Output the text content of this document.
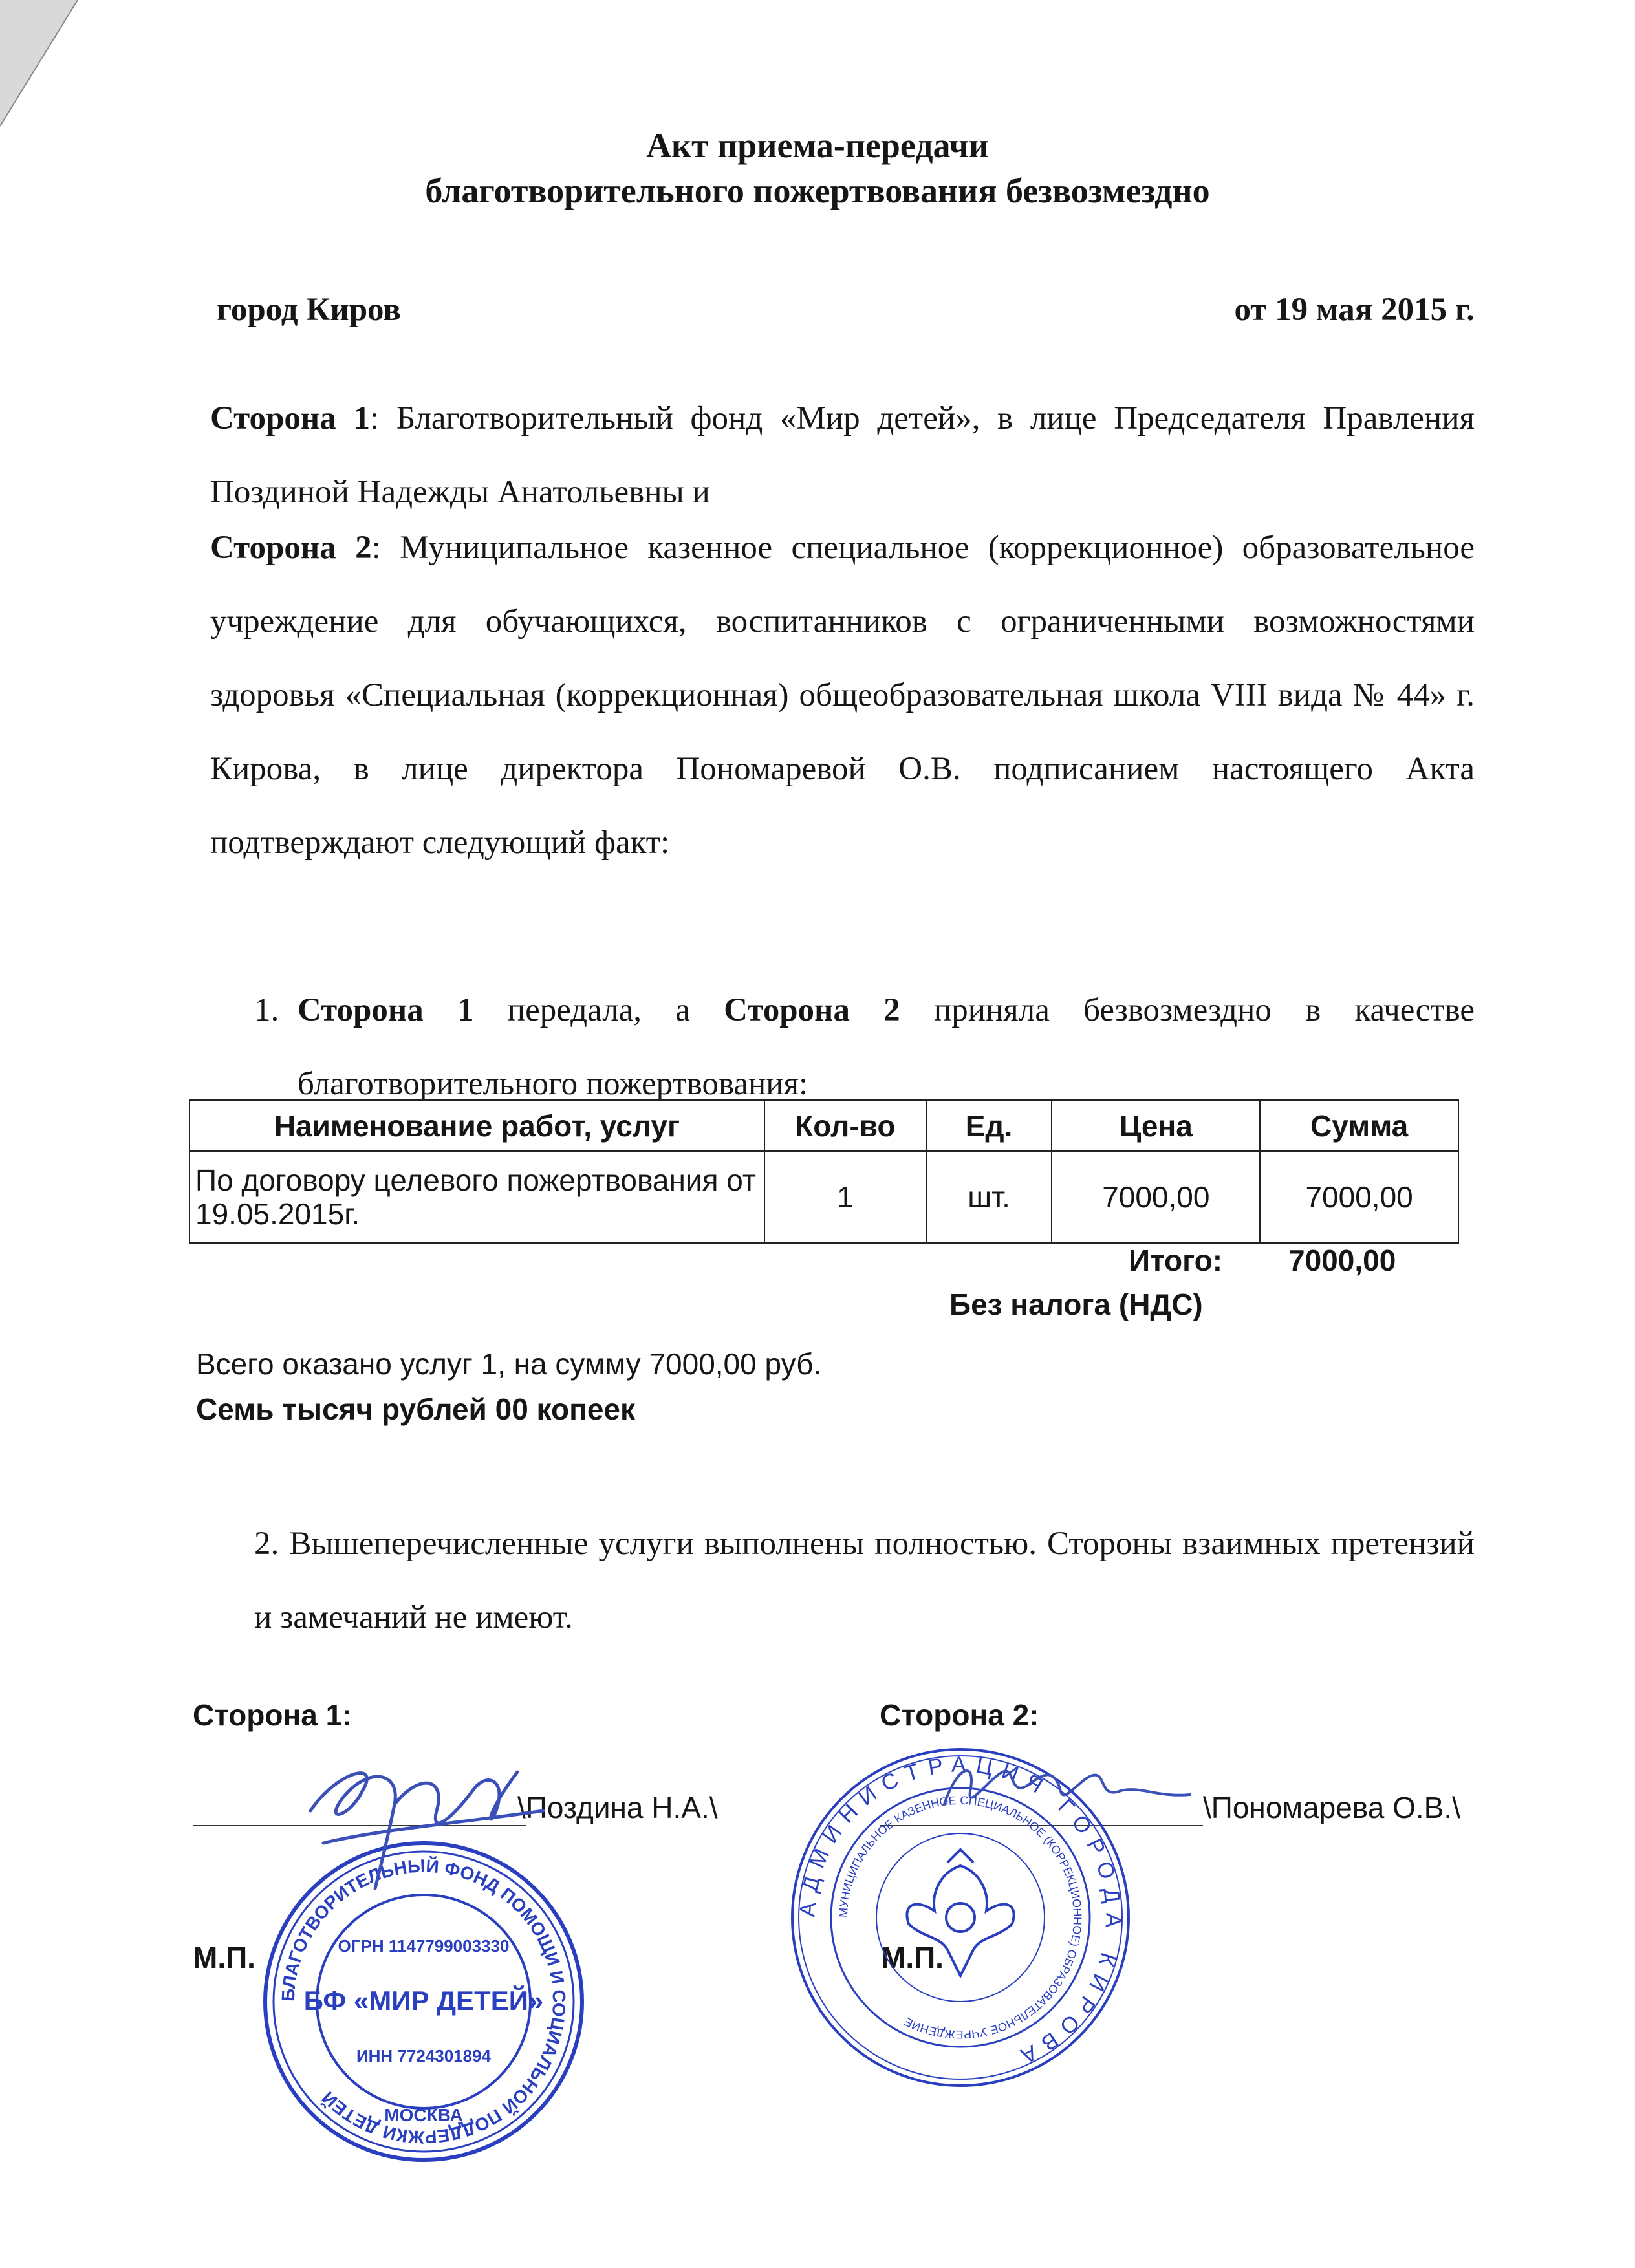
Акт приема-передачи
благотворительного пожертвования безвозмездно
город Киров	от 19 мая 2015 г.
Сторона 1: Благотворительный фонд «Мир детей», в лице Председателя Правления Поздиной Надежды Анатольевны и
Сторона 2: Муниципальное казенное специальное (коррекционное) образовательное учреждение для обучающихся, воспитанников с ограниченными возможностями здоровья «Специальная (коррекционная) общеобразовательная школа VIII вида № 44» г. Кирова, в лице директора Пономаревой О.В. подписанием настоящего Акта подтверждают следующий факт:
1. Сторона 1 передала, а Сторона 2 приняла безвозмездно в качестве благотворительного пожертвования:
Наименование работ, услуг	Кол-во	Ед.	Цена	Сумма
По договору целевого пожертвования от 19.05.2015г.	1	шт.	7000,00	7000,00
Итого: 7000,00
Без налога (НДС)
Всего оказано услуг 1, на сумму 7000,00 руб.
Семь тысяч рублей 00 копеек
2. Вышеперечисленные услуги выполнены полностью. Стороны взаимных претензий и замечаний не имеют.
Сторона 1:	Сторона 2:
\Поздина Н.А.\	\Пономарева О.В.\
М.П.	М.П.
БЛАГОТВОРИТЕЛЬНЫЙ ФОНД ПОМОЩИ И СОЦИАЛЬНОЙ ПОДДЕРЖКИ ДЕТЕЙ
ОГРН 1147799003330
БФ «МИР ДЕТЕЙ»
ИНН 7724301894
МОСКВА
АДМИНИСТРАЦИЯ ГОРОДА КИРОВА
МУНИЦИПАЛЬНОЕ КАЗЕННОЕ СПЕЦИАЛЬНОЕ (КОРРЕКЦИОННОЕ) ОБРАЗОВАТЕЛЬНОЕ УЧРЕЖДЕНИЕ
